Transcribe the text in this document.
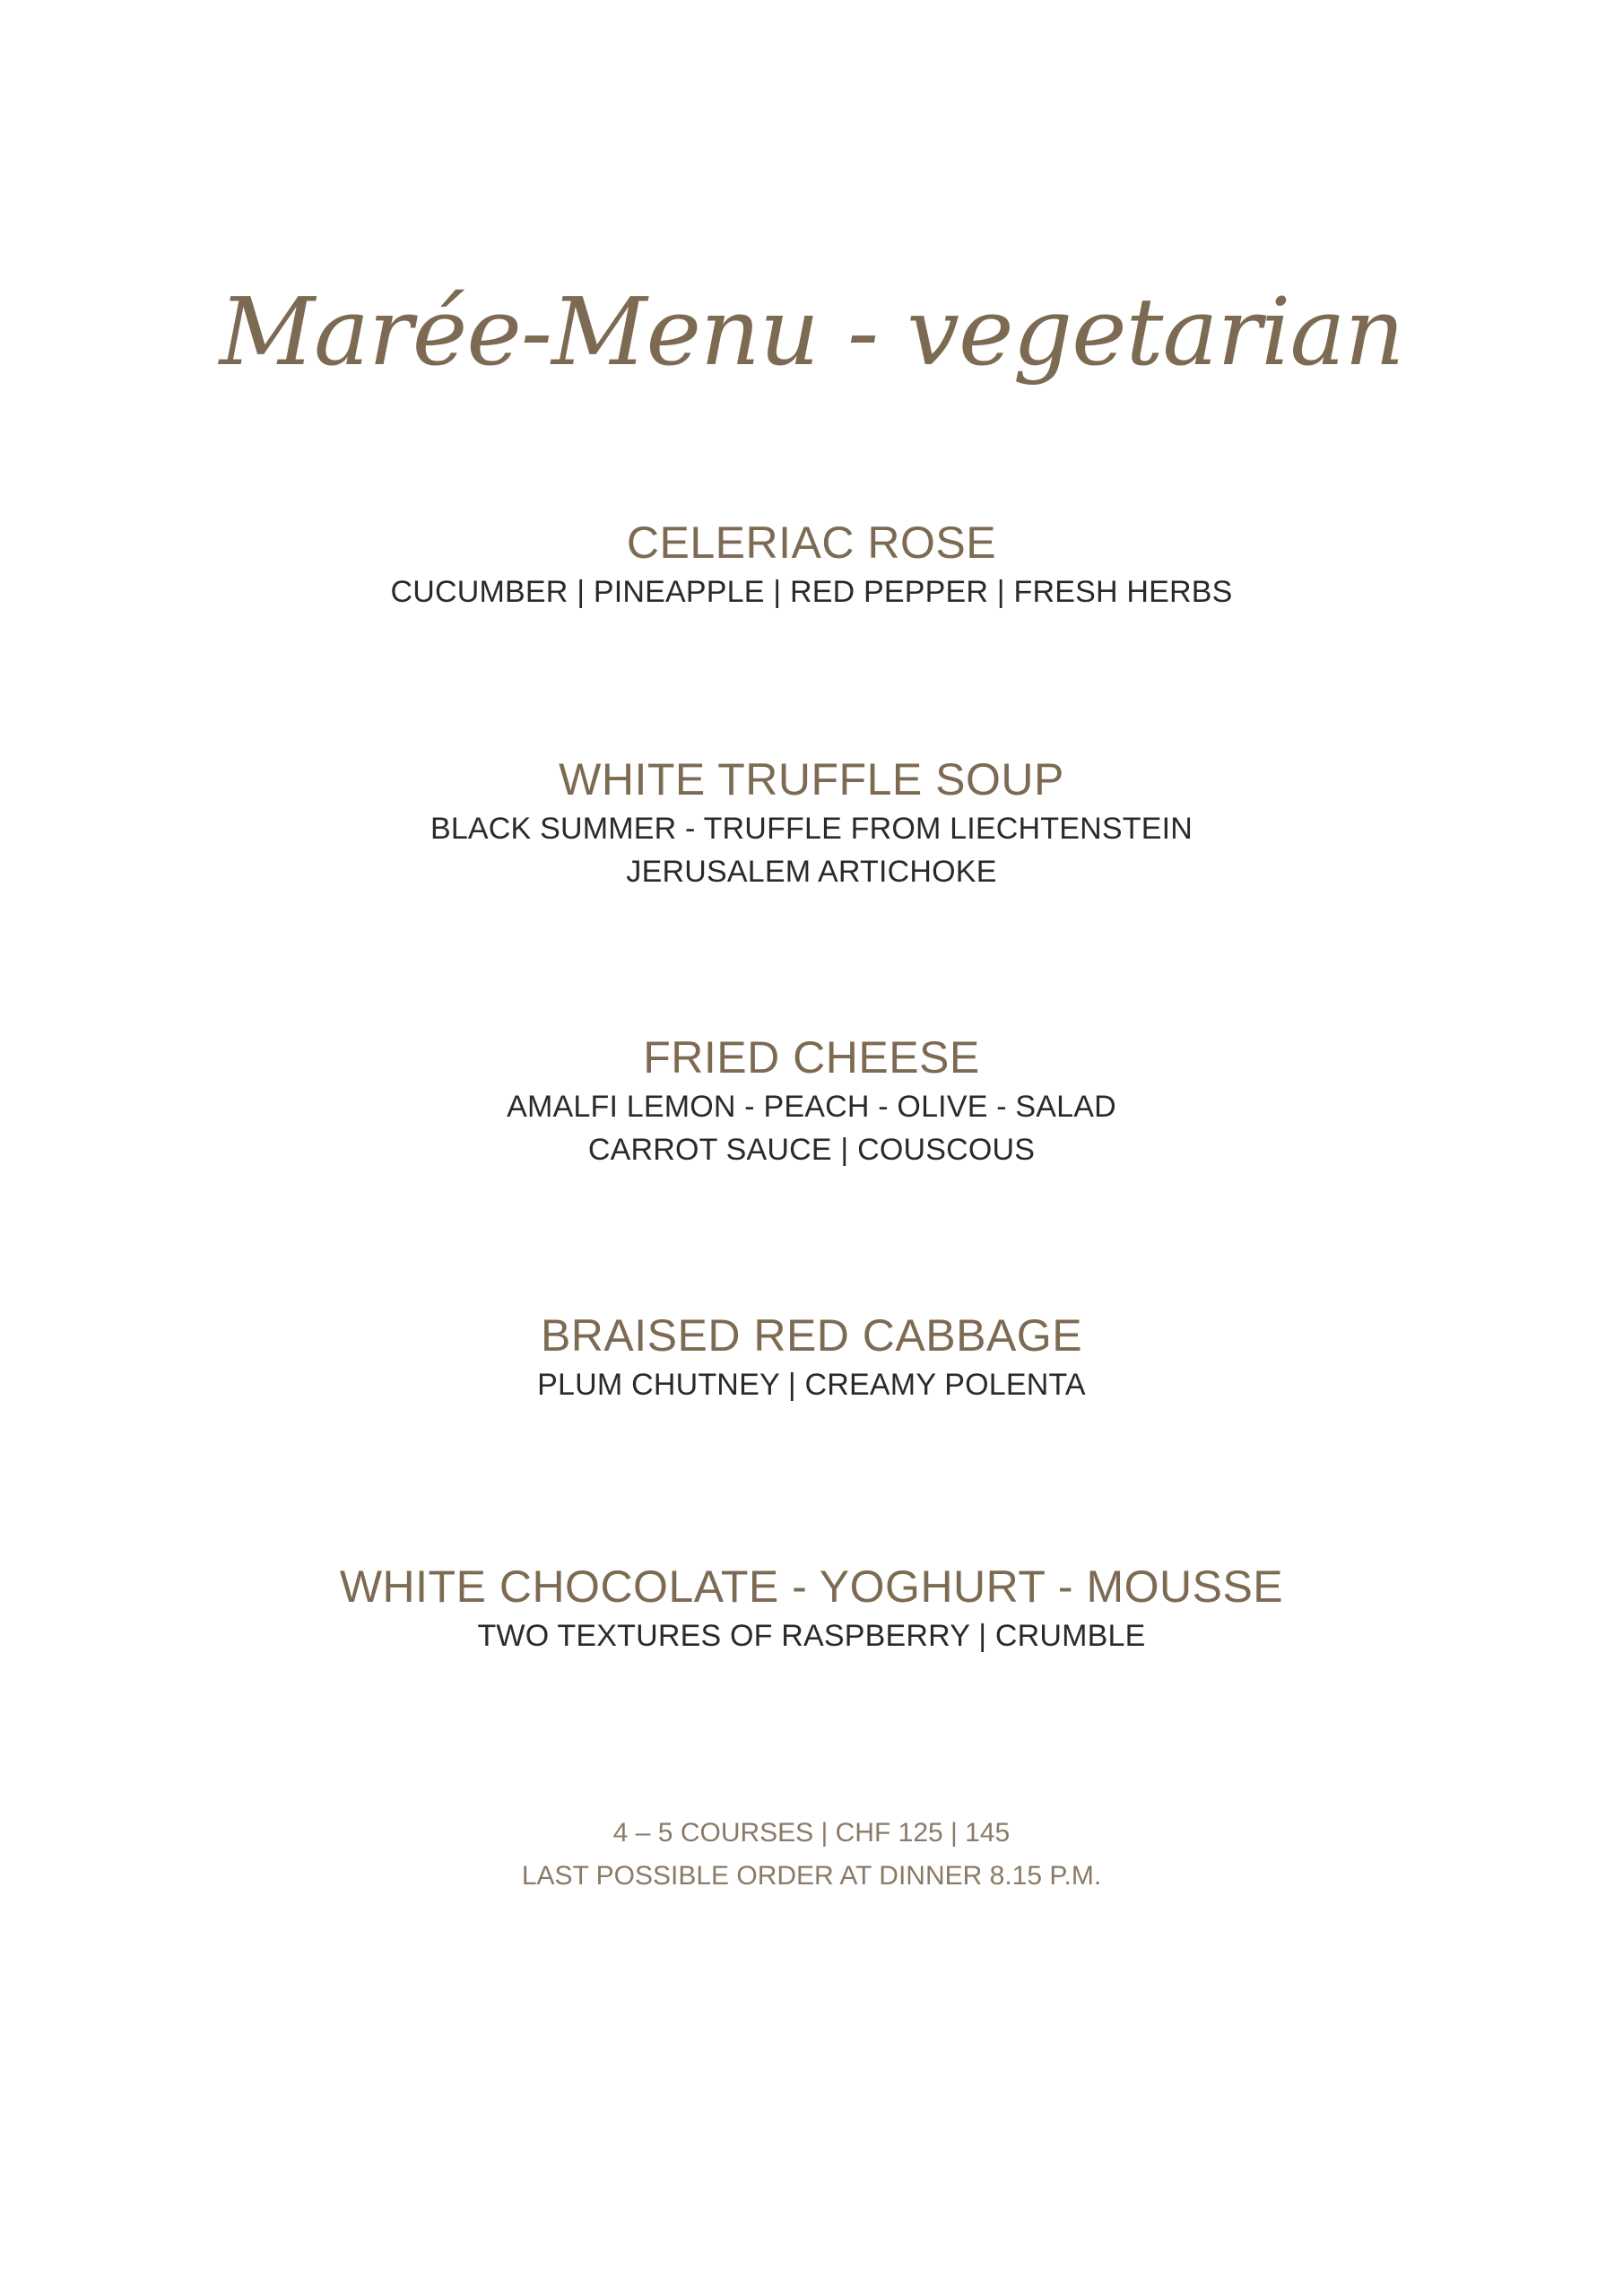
Marée-Menu - vegetarian
CELERIAC ROSE
CUCUMBER | PINEAPPLE | RED PEPPER | FRESH HERBS
WHITE TRUFFLE SOUP
BLACK SUMMER - TRUFFLE FROM LIECHTENSTEIN
JERUSALEM ARTICHOKE
FRIED CHEESE
AMALFI LEMON - PEACH - OLIVE - SALAD
CARROT SAUCE | COUSCOUS
BRAISED RED CABBAGE
PLUM CHUTNEY | CREAMY POLENTA
WHITE CHOCOLATE - YOGHURT - MOUSSE
TWO TEXTURES OF RASPBERRY | CRUMBLE
4 – 5 COURSES | CHF 125 | 145
LAST POSSIBLE ORDER AT DINNER 8.15 P.M.
